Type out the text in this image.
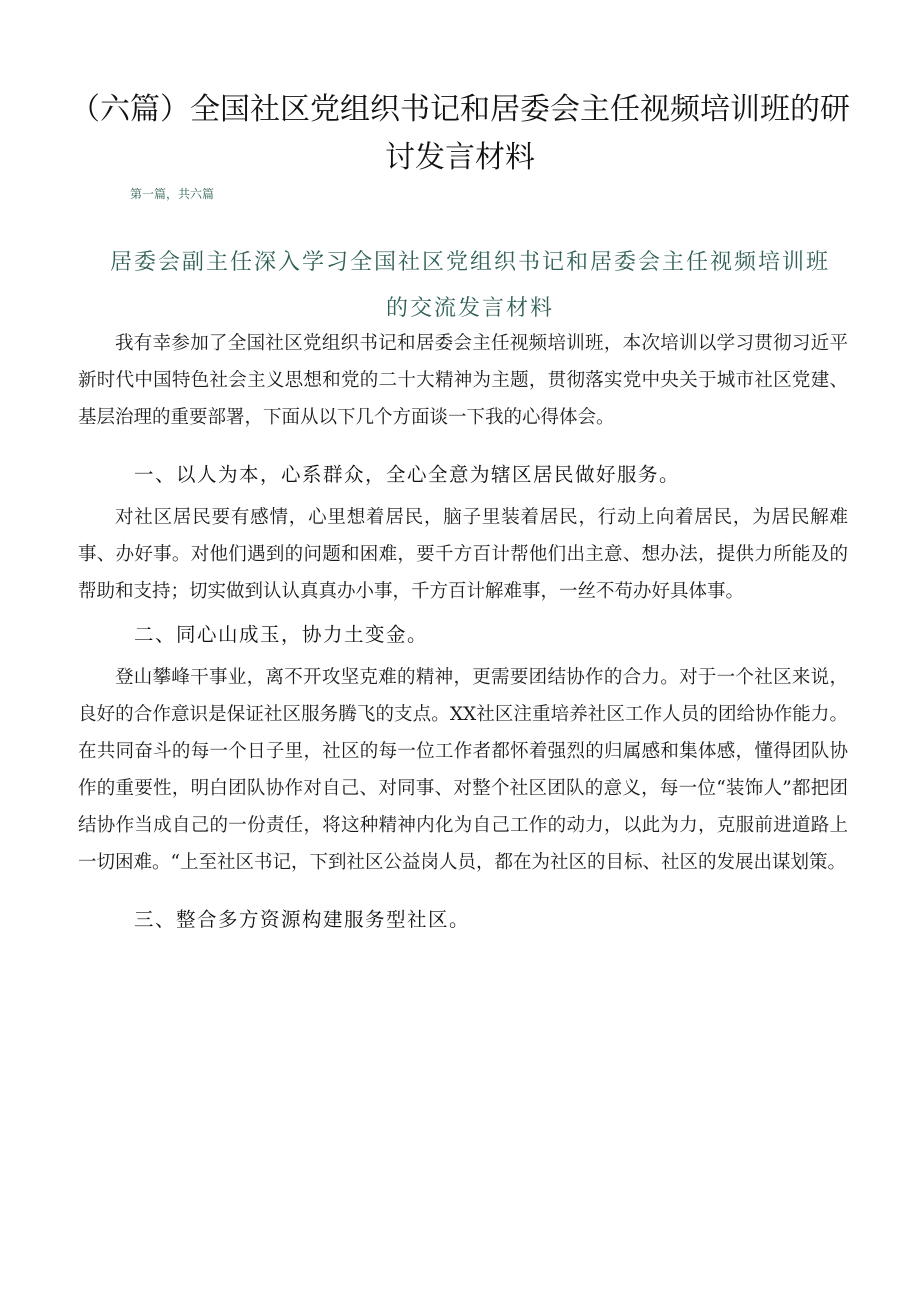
（六篇）全国社区党组织书记和居委会主任视频培训班的研讨发言材料
第一篇，共六篇
居委会副主任深入学习全国社区党组织书记和居委会主任视频培训班的交流发言材料

我有幸参加了全国社区党组织书记和居委会主任视频培训班，本次培训以学习贯彻习近平新时代中国特色社会主义思想和党的二十大精神为主题，贯彻落实党中央关于城市社区党建、基层治理的重要部署，下面从以下几个方面谈一下我的心得体会。

一、以人为本，心系群众，全心全意为辖区居民做好服务。

对社区居民要有感情，心里想着居民，脑子里装着居民，行动上向着居民，为居民解难事、办好事。对他们遇到的问题和困难，要千方百计帮他们出主意、想办法，提供力所能及的帮助和支持；切实做到认认真真办小事，千方百计解难事，一丝不苟办好具体事。

二、同心山成玉，协力土变金。

登山攀峰干事业，离不开攻坚克难的精神，更需要团结协作的合力。对于一个社区来说，良好的合作意识是保证社区服务腾飞的支点。XX社区注重培养社区工作人员的团给协作能力。在共同奋斗的每一个日子里，社区的每一位工作者都怀着强烈的归属感和集体感，懂得团队协作的重要性，明白团队协作对自己、对同事、对整个社区团队的意义，每一位“装饰人”都把团结协作当成自己的一份责任，将这种精神内化为自己工作的动力，以此为力，克服前进道路上一切困难。“上至社区书记，下到社区公益岗人员，都在为社区的目标、社区的发展出谋划策。

三、整合多方资源构建服务型社区。
